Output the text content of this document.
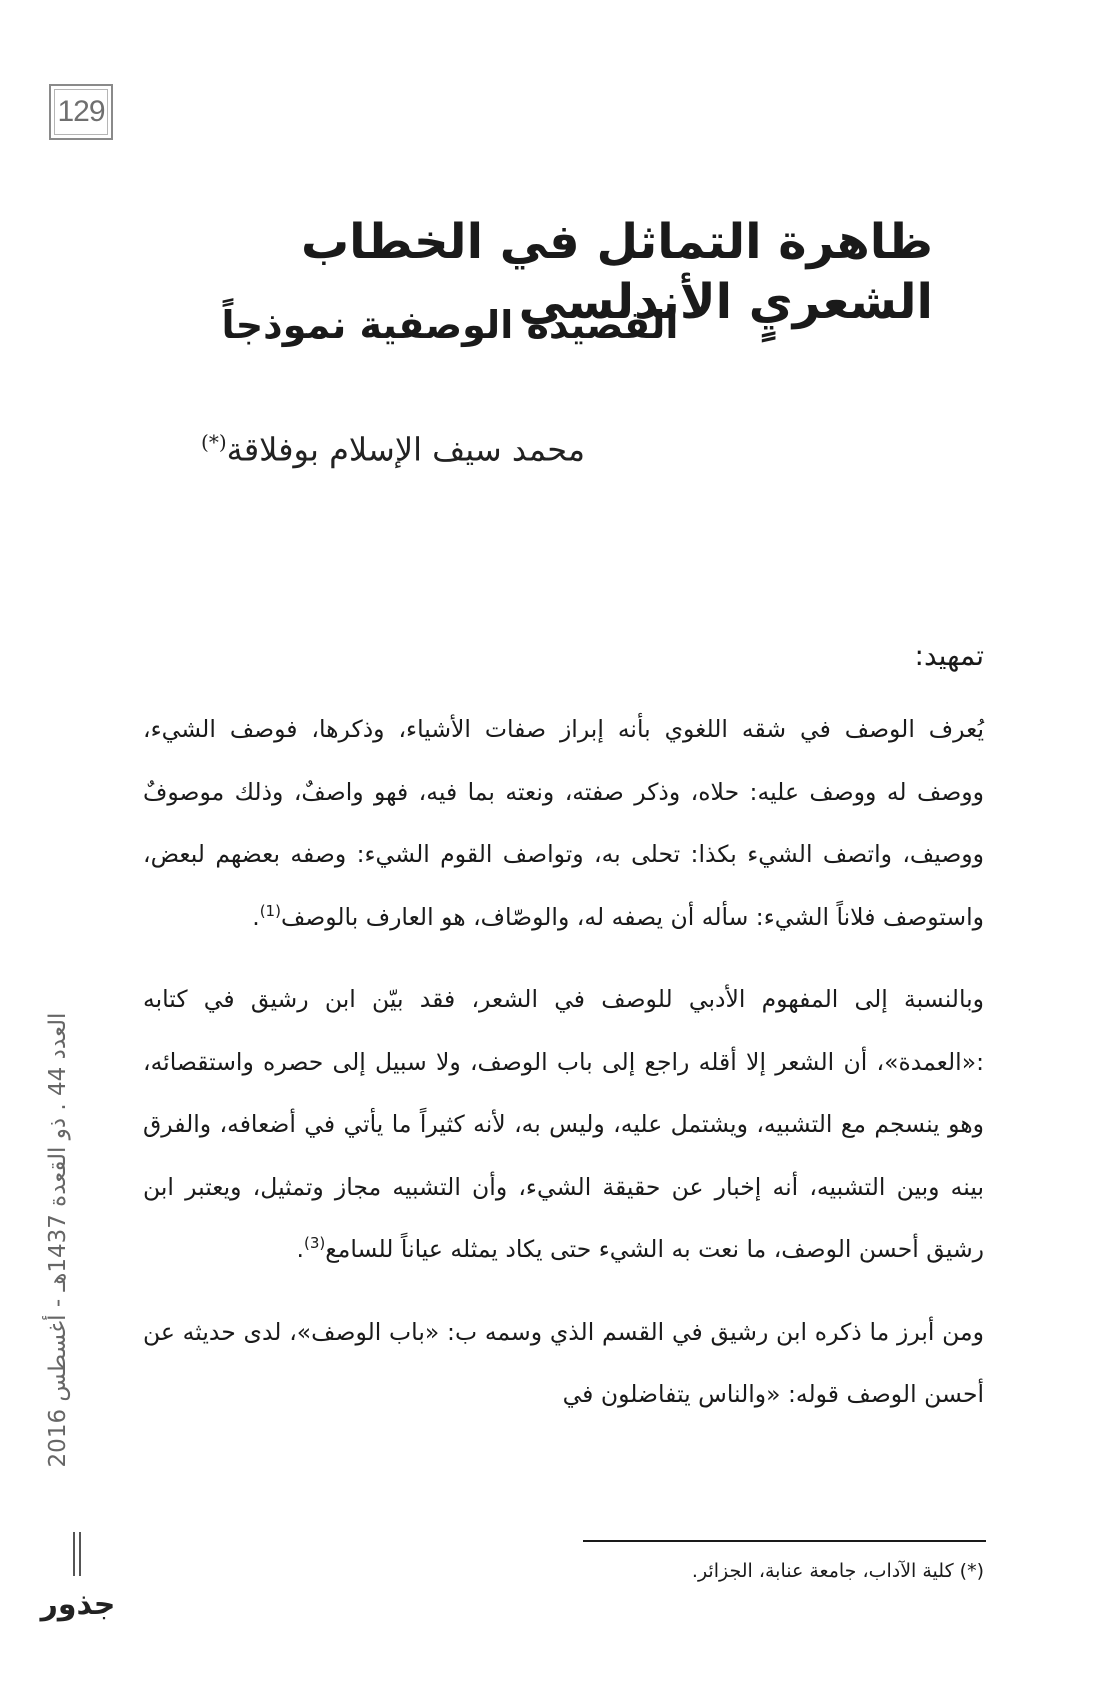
129
ظاهرة التماثل في الخطاب الشعريٍ الأندلسي
القصيدة الوصفية نموذجاً
محمد سيف الإسلام بوفلاقة(*)
تمهيد:

يُعرف الوصف في شقه اللغوي بأنه إبراز صفات الأشياء، وذكرها، فوصف الشيء، ووصف له ووصف عليه: حلاه، وذكر صفته، ونعته بما فيه، فهو واصفٌ، وذلك موصوفٌ ووصيف، واتصف الشيء بكذا: تحلى به، وتواصف القوم الشيء: وصفه بعضهم لبعض، واستوصف فلاناً الشيء: سأله أن يصفه له، والوصّاف، هو العارف بالوصف$^{(1)}$.

وبالنسبة إلى المفهوم الأدبي للوصف في الشعر، فقد بيّن ابن رشيق في كتابه :«العمدة»، أن الشعر إلا أقله راجع إلى باب الوصف، ولا سبيل إلى حصره واستقصائه، وهو ينسجم مع التشبيه، ويشتمل عليه، وليس به، لأنه كثيراً ما يأتي في أضعافه، والفرق بينه وبين التشبيه، أنه إخبار عن حقيقة الشيء، وأن التشبيه مجاز وتمثيل، ويعتبر ابن رشيق أحسن الوصف، ما نعت به الشيء حتى يكاد يمثله عياناً للسامع$^{(3)}$.

ومن أبرز ما ذكره ابن رشيق في القسم الذي وسمه ب: «باب الوصف»، لدى حديثه عن أحسن الوصف قوله: «والناس يتفاضلون في

العدد 44 . ذو القعدة 1437هـ - أغسطس 2016
جذور
(*) كلية الآداب، جامعة عنابة، الجزائر.
